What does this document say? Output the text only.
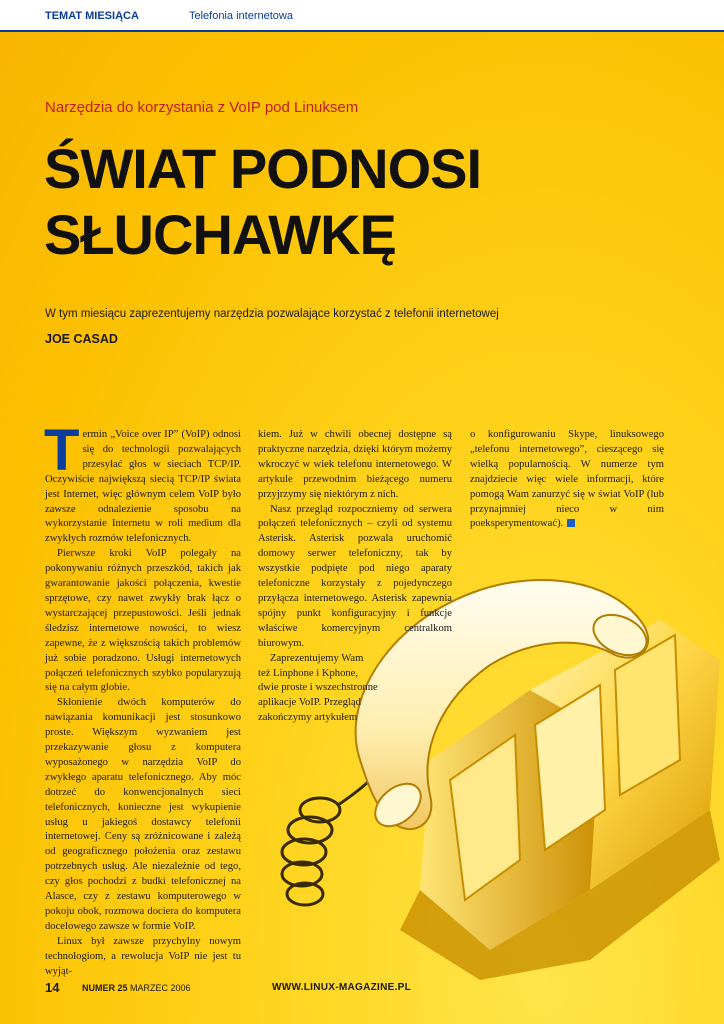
TEMAT MIESIĄCA	Telefonia internetowa
Narzędzia do korzystania z VoIP pod Linuksem
ŚWIAT PODNOSI
SŁUCHAWKĘ
W tym miesiącu zaprezentujemy narzędzia pozwalające korzystać z telefonii internetowej
JOE CASAD

Termin „Voice over IP” (VoIP) odnosi się do technologii pozwalających przesyłać głos w sieciach TCP/IP. Oczywiście największą siecią TCP/IP świata jest Internet, więc głównym celem VoIP było zawsze odnalezienie sposobu na wykorzystanie Internetu w roli medium dla zwykłych rozmów telefonicznych.

Pierwsze kroki VoIP polegały na pokonywaniu różnych przeszkód, takich jak gwarantowanie jakości połączenia, kwestie sprzętowe, czy nawet zwykły brak łącz o wystarczającej przepustowości. Jeśli jednak śledzisz internetowe nowości, to wiesz zapewne, że z większością takich problemów już sobie poradzono. Usługi internetowych połączeń telefonicznych szybko popularyzują się na całym globie.

Skłonienie dwóch komputerów do nawiązania komunikacji jest stosunkowo proste. Większym wyzwaniem jest przekazywanie głosu z komputera wyposażonego w narzędzia VoIP do zwykłego aparatu telefonicznego. Aby móc dotrzeć do konwencjonalnych sieci telefonicznych, konieczne jest wykupienie usług u jakiegoś dostawcy telefonii internetowej. Ceny są zróżnicowane i zależą od geograficznego położenia oraz zestawu potrzebnych usług. Ale niezależnie od tego, czy głos pochodzi z budki telefonicznej na Alasce, czy z zestawu komputerowego w pokoju obok, rozmowa dociera do komputera docelowego zawsze w formie VoIP.

Linux był zawsze przychylny nowym technologiom, a rewolucja VoIP nie jest tu wyjąt-

kiem. Już w chwili obecnej dostępne są praktyczne narzędzia, dzięki którym możemy wkroczyć w wiek telefonu internetowego. W artykule przewodnim bieżącego numeru przyjrzymy się niektórym z nich.

Nasz przegląd rozpoczniemy od serwera połączeń telefonicznych – czyli od systemu Asterisk. Asterisk pozwala uruchomić domowy serwer telefoniczny, tak by wszystkie podpięte pod niego aparaty telefoniczne korzystały z pojedynczego przyłącza internetowego. Asterisk zapewnia spójny punkt konfiguracyjny i funkcje właściwe komercyjnym centralkom biurowym.

Zaprezentujemy Wam też Linphone i Kphone, dwie proste i wszechstronne aplikacje VoIP. Przegląd zakończymy artykułem

o konfigurowaniu Skype, linuksowego „telefonu internetowego”, cieszącego się wielką popularnością. W numerze tym znajdziecie więc wiele informacji, które pomogą Wam zanurzyć się w świat VoIP (lub przynajmniej nieco w nim poeksperymentować).

14	NUMER 25 MARZEC 2006	WWW.LINUX-MAGAZINE.PL
